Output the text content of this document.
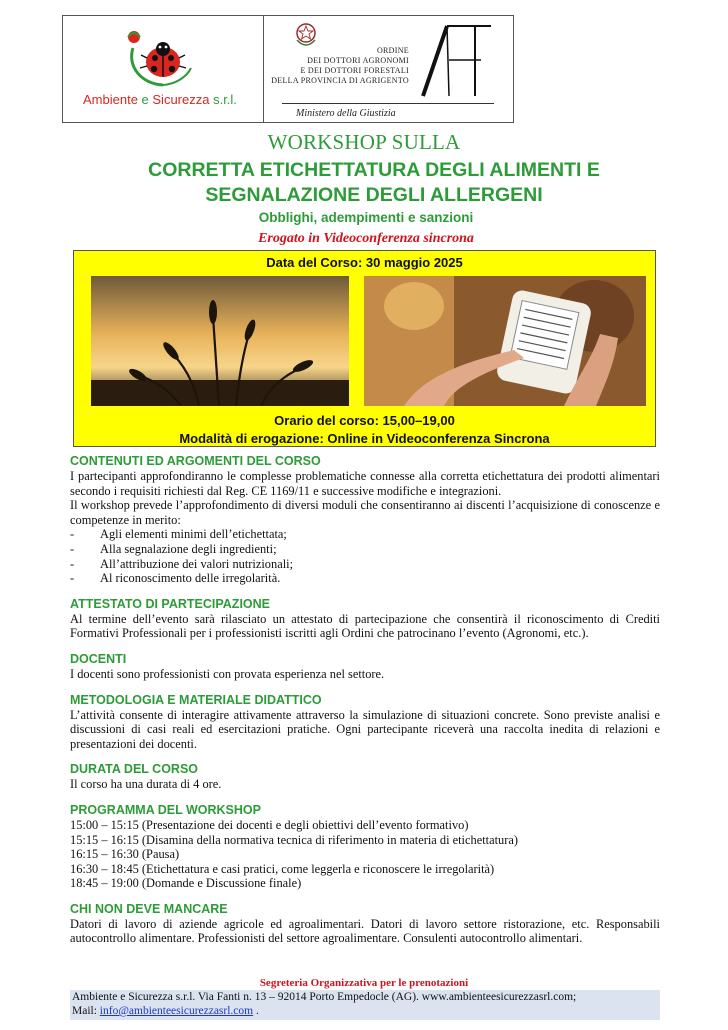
Ambiente e Sicurezza s.r.l.
ORDINE
DEI DOTTORI AGRONOMI
E DEI DOTTORI FORESTALI
DELLA PROVINCIA DI AGRIGENTO
AF
Ministero della Giustizia
WORKSHOP SULLA
CORRETTA ETICHETTATURA DEGLI ALIMENTI E
SEGNALAZIONE DEGLI ALLERGENI
Obblighi, adempimenti e sanzioni
Erogato in Videoconferenza sincrona
Data del Corso: 30 maggio 2025
Orario del corso: 15,00–19,00
Modalità di erogazione: Online in Videoconferenza Sincrona
CONTENUTI ED ARGOMENTI DEL CORSO

I partecipanti approfondiranno le complesse problematiche connesse alla corretta etichettatura dei prodotti alimentari secondo i requisiti richiesti dal Reg. CE 1169/11 e successive modifiche e integrazioni.

Il workshop prevede l’approfondimento di diversi moduli che consentiranno ai discenti l’acquisizione di conoscenze e competenze in merito:

- Agli elementi minimi dell’etichettata;
- Alla segnalazione degli ingredienti;
- All’attribuzione dei valori nutrizionali;
- Al riconoscimento delle irregolarità.
ATTESTATO DI PARTECIPAZIONE

Al termine dell’evento sarà rilasciato un attestato di partecipazione che consentirà il riconoscimento di Crediti Formativi Professionali per i professionisti iscritti agli Ordini che patrocinano l’evento (Agronomi, etc.).

DOCENTI

I docenti sono professionisti con provata esperienza nel settore.

METODOLOGIA E MATERIALE DIDATTICO

L’attività consente di interagire attivamente attraverso la simulazione di situazioni concrete. Sono previste analisi e discussioni di casi reali ed esercitazioni pratiche. Ogni partecipante riceverà una raccolta inedita di relazioni e presentazioni dei docenti.

DURATA DEL CORSO

Il corso ha una durata di 4 ore.

PROGRAMMA DEL WORKSHOP
15:00 – 15:15 (Presentazione dei docenti e degli obiettivi dell’evento formativo)
15:15 – 16:15 (Disamina della normativa tecnica di riferimento in materia di etichettatura)
16:15 – 16:30 (Pausa)
16:30 – 18:45 (Etichettatura e casi pratici, come leggerla e riconoscere le irregolarità)
18:45 – 19:00 (Domande e Discussione finale)
CHI NON DEVE MANCARE

Datori di lavoro di aziende agricole ed agroalimentari. Datori di lavoro settore ristorazione, etc. Responsabili autocontrollo alimentare. Professionisti del settore agroalimentare. Consulenti autocontrollo alimentari.

Segreteria Organizzativa per le prenotazioni
Ambiente e Sicurezza s.r.l. Via Fanti n. 13 – 92014 Porto Empedocle (AG). www.ambienteesicurezzasrl.com;
Mail: info@ambienteesicurezzasrl.com .
